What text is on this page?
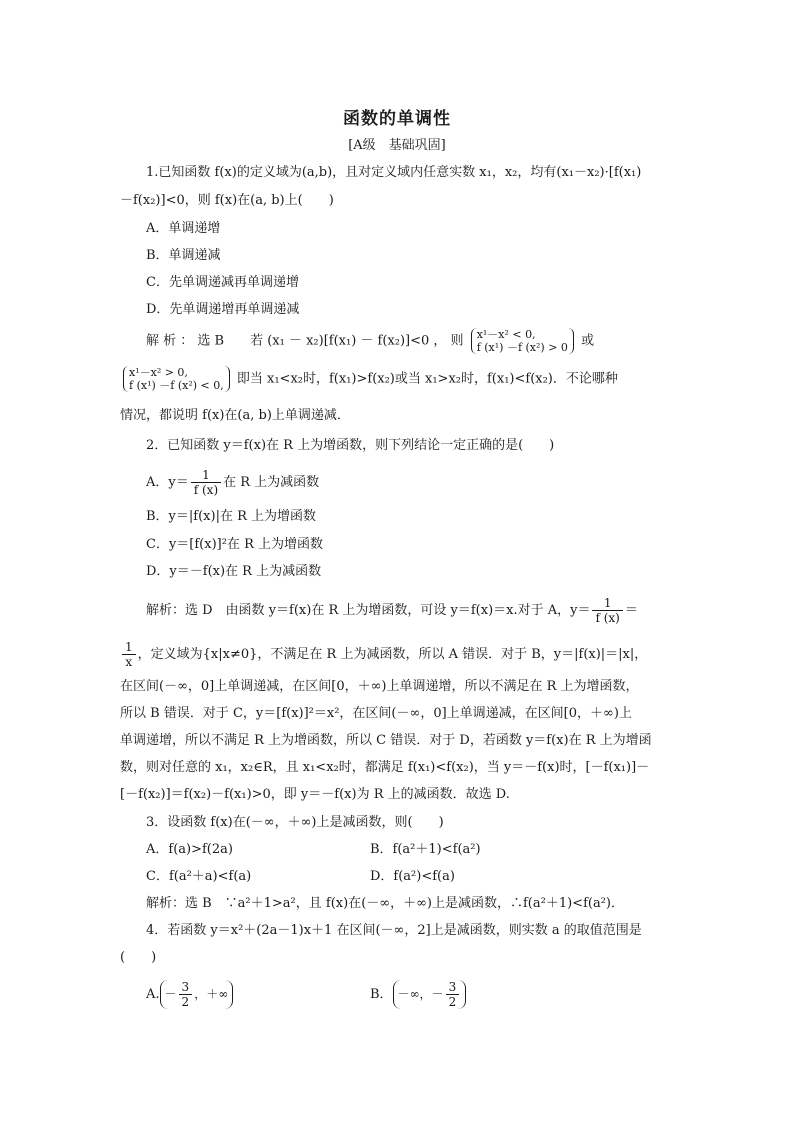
函数的单调性
[A级　基础巩固]
1.已知函数 f(x)的定义域为(a,b)，且对定义域内任意实数 x₁，x₂，均有(x₁－x₂)·[f(x₁)
－f(x₂)]<0，则 f(x)在(a, b)上(　　)
A．单调递增
B．单调递减
C．先单调递减再单调递增
D．先单调递增再单调递减
解 析 ： 选 B　　若 (x₁ － x₂)[f(x₁) － f(x₂)]<0 ， 则 x¹－x² < 0,
f (x¹) －f (x²) > 0 或
x¹－x² > 0,
f (x¹) －f (x²) < 0, 即当 x₁<x₂时，f(x₁)>f(x₂)或当 x₁>x₂时，f(x₁)<f(x₂)．不论哪种
情况，都说明 f(x)在(a, b)上单调递减．
2．已知函数 y＝f(x)在 R 上为增函数，则下列结论一定正确的是(　　)
A．$y= \frac{1}{f (x)}$ 在 R 上为减函数
B．y＝|f(x)|在 R 上为增函数
C．y＝[f(x)]²在 R 上为增函数
D．y＝－f(x)在 R 上为减函数
解析：选 D　由函数 y＝f(x)在 R 上为增函数，可设 y＝f(x)＝x.对于 A，$y= \frac{1}{f (x)}$ ＝
$\frac{1}{x}$ ，定义域为{x|x≠0}，不满足在 R 上为减函数，所以 A 错误．对于 B，y＝|f(x)|＝|x|，
在区间(－∞，0]上单调递减，在区间[0，＋∞)上单调递增，所以不满足在 R 上为增函数，
所以 B 错误．对于 C，y＝[f(x)]²＝x²，在区间(－∞，0]上单调递减，在区间[0，＋∞)上
单调递增，所以不满足 R 上为增函数，所以 C 错误．对于 D，若函数 y＝f(x)在 R 上为增函
数，则对任意的 x₁，x₂∈R，且 x₁<x₂时，都满足 f(x₁)<f(x₂)，当 y＝－f(x)时，[－f(x₁)]－
[－f(x₂)]＝f(x₂)－f(x₁)>0，即 y＝－f(x)为 R 上的减函数．故选 D.
3．设函数 f(x)在(－∞，＋∞)上是减函数，则(　　)
A．f(a)>f(2a)	B．f(a²＋1)<f(a²)
C．f(a²＋a)<f(a)	D．f(a²)<f(a)
解析：选 B　∵a²＋1>a²，且 f(x)在(－∞，＋∞)上是减函数，∴f(a²＋1)<f(a²)．
4．若函数 y＝x²＋(2a－1)x＋1 在区间(－∞，2]上是减函数，则实数 a 的取值范围是
(　　)
A. － $\frac{3}{2}$ ，＋∞	B． －∞，－ $\frac{3}{2}$
